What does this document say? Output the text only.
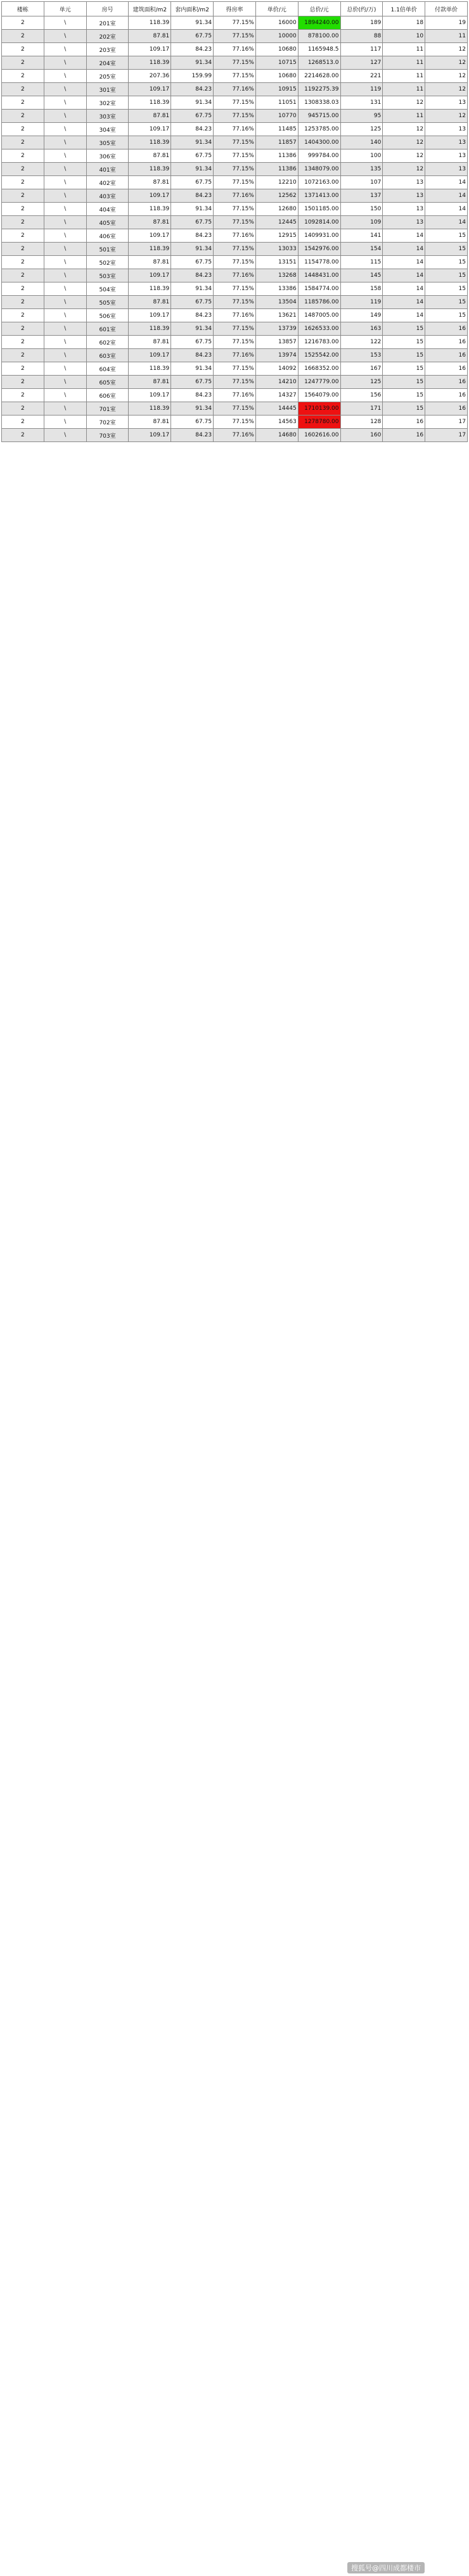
楼栋	单元	房号	建筑面积/m2	套内面积/m2	得房率	单价/元	总价/元	总价(约/万)	1.1倍单价	付款单价
2	\	201室	118.39	91.34	77.15%	16000	1894240.00	189	18	19
2	\	202室	87.81	67.75	77.15%	10000	878100.00	88	10	11
2	\	203室	109.17	84.23	77.16%	10680	1165948.5	117	11	12
2	\	204室	118.39	91.34	77.15%	10715	1268513.0	127	11	12
2	\	205室	207.36	159.99	77.15%	10680	2214628.00	221	11	12
2	\	301室	109.17	84.23	77.16%	10915	1192275.39	119	11	12
2	\	302室	118.39	91.34	77.15%	11051	1308338.03	131	12	13
2	\	303室	87.81	67.75	77.15%	10770	945715.00	95	11	12
2	\	304室	109.17	84.23	77.16%	11485	1253785.00	125	12	13
2	\	305室	118.39	91.34	77.15%	11857	1404300.00	140	12	13
2	\	306室	87.81	67.75	77.15%	11386	999784.00	100	12	13
2	\	401室	118.39	91.34	77.15%	11386	1348079.00	135	12	13
2	\	402室	87.81	67.75	77.15%	12210	1072163.00	107	13	14
2	\	403室	109.17	84.23	77.16%	12562	1371413.00	137	13	14
2	\	404室	118.39	91.34	77.15%	12680	1501185.00	150	13	14
2	\	405室	87.81	67.75	77.15%	12445	1092814.00	109	13	14
2	\	406室	109.17	84.23	77.16%	12915	1409931.00	141	14	15
2	\	501室	118.39	91.34	77.15%	13033	1542976.00	154	14	15
2	\	502室	87.81	67.75	77.15%	13151	1154778.00	115	14	15
2	\	503室	109.17	84.23	77.16%	13268	1448431.00	145	14	15
2	\	504室	118.39	91.34	77.15%	13386	1584774.00	158	14	15
2	\	505室	87.81	67.75	77.15%	13504	1185786.00	119	14	15
2	\	506室	109.17	84.23	77.16%	13621	1487005.00	149	14	15
2	\	601室	118.39	91.34	77.15%	13739	1626533.00	163	15	16
2	\	602室	87.81	67.75	77.15%	13857	1216783.00	122	15	16
2	\	603室	109.17	84.23	77.16%	13974	1525542.00	153	15	16
2	\	604室	118.39	91.34	77.15%	14092	1668352.00	167	15	16
2	\	605室	87.81	67.75	77.15%	14210	1247779.00	125	15	16
2	\	606室	109.17	84.23	77.16%	14327	1564079.00	156	15	16
2	\	701室	118.39	91.34	77.15%	14445	1710139.00	171	15	16
2	\	702室	87.81	67.75	77.15%	14563	1278780.00	128	16	17
2	\	703室	109.17	84.23	77.16%	14680	1602616.00	160	16	17
搜狐号@四川成都楼市
